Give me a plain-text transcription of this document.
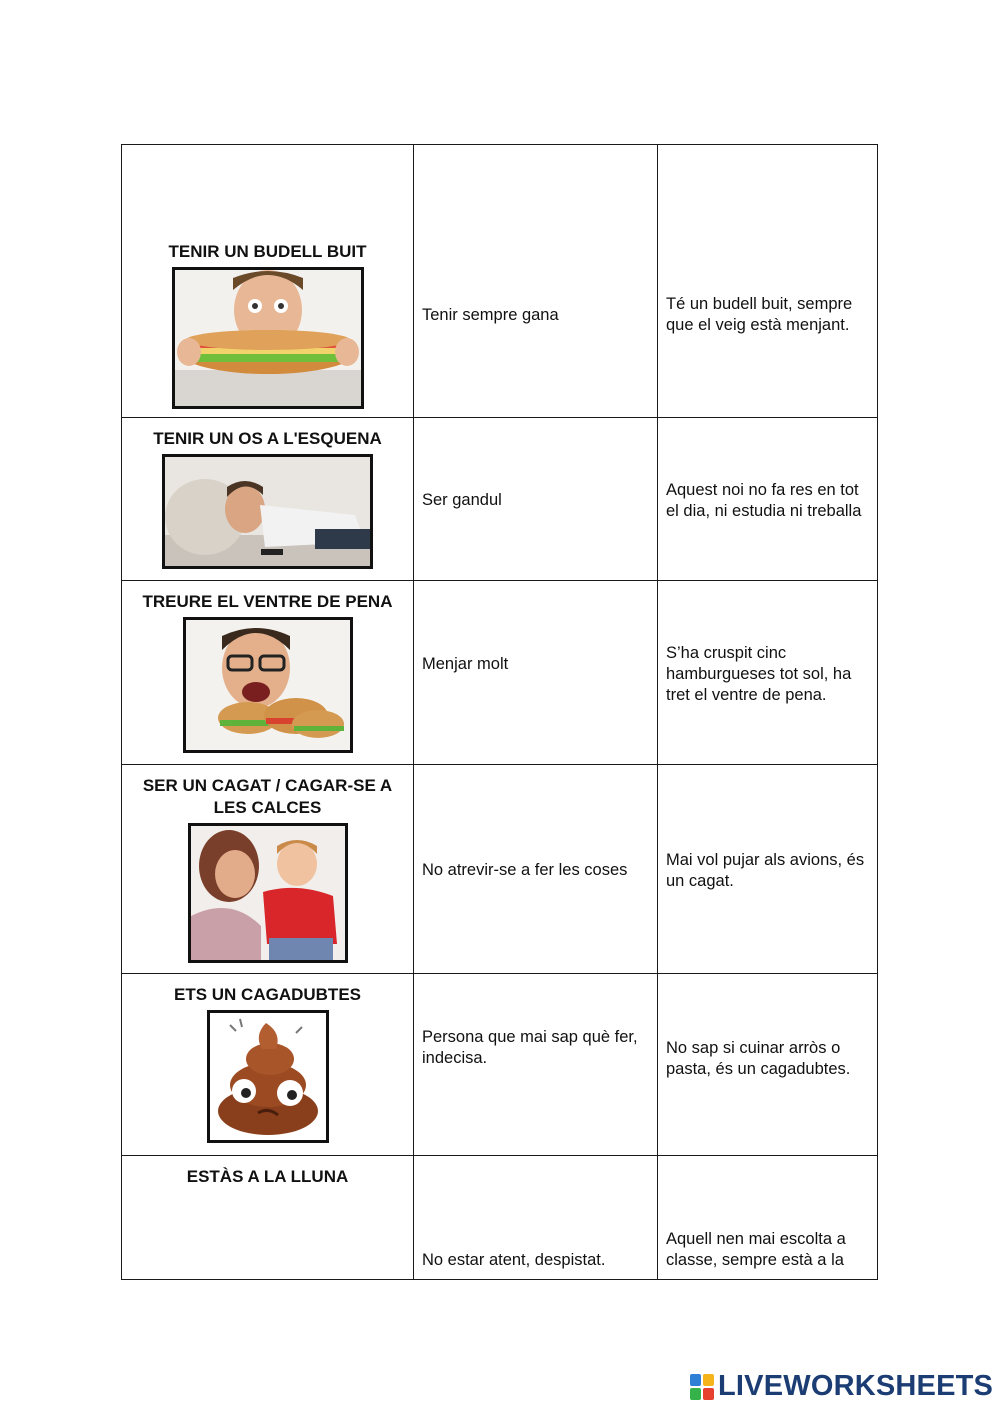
TENIR UN BUDELL BUIT	Tenir sempre gana	Té un budell buit, sempre que el veig està menjant.

TENIR UN OS A L'ESQUENA	Ser gandul	Aquest noi no fa res en tot el dia, ni estudia ni treballa

TREURE EL VENTRE DE PENA	Menjar molt	S’ha cruspit cinc hamburgueses tot sol, ha tret el ventre de pena.

SER UN CAGAT / CAGAR-SE A LES CALCES	No atrevir-se a fer les coses	Mai vol pujar als avions, és un cagat.

ETS UN CAGADUBTES	Persona que mai sap què fer, indecisa.	No sap si cuinar arròs o pasta, és un cagadubtes.

ESTÀS A LA LLUNA	No estar atent, despistat.	Aquell nen mai escolta a classe, sempre està a la
LIVEWORKSHEETS
